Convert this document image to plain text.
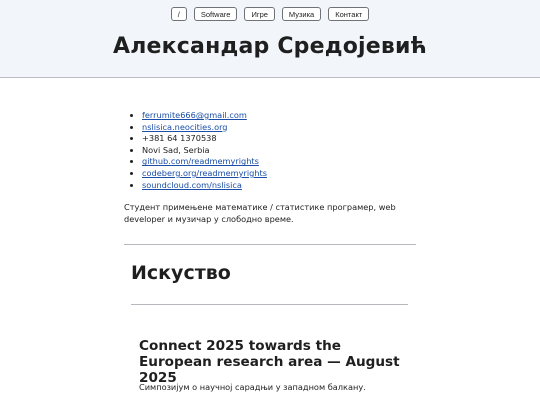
/	Software	Игре	Музика	Контакт
Александар Средојевић
• ferrumite666@gmail.com
• nslisica.neocities.org
• +381 64 1370538
• Novi Sad, Serbia
• github.com/readmemyrights
• codeberg.org/readmemyrights
• soundcloud.com/nslisica

Студент примењене математике / статистике програмер, web developer и музичар у слободно време.

Искуство
Connect 2025 towards the European research area — August 2025

Симпозијум о научној сарадњи у западном балкану.
